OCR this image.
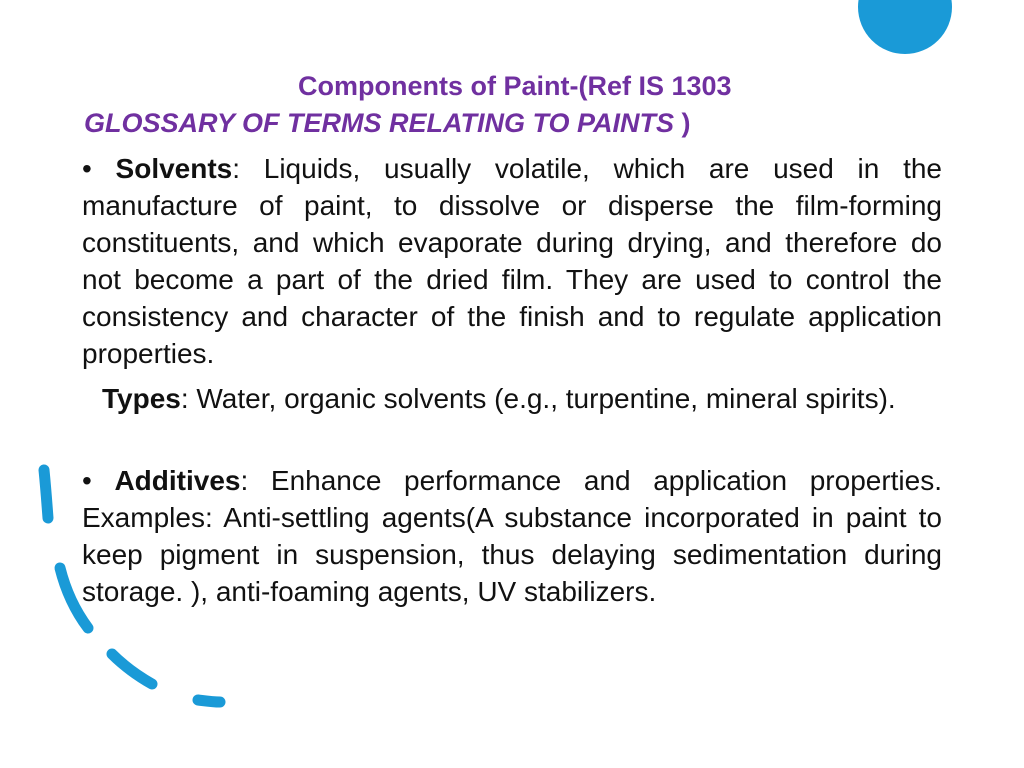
Components of Paint-(Ref IS 1303
GLOSSARY OF TERMS RELATING TO PAINTS )
• Solvents: Liquids, usually volatile, which are used in the manufacture of paint, to dissolve or disperse the film-forming constituents, and which evaporate during drying, and therefore do not become a part of the dried film. They are used to control the consistency and character of the finish and to regulate application properties.
Types: Water, organic solvents (e.g., turpentine, mineral spirits).
• Additives: Enhance performance and application properties. Examples: Anti-settling agents(A substance incorporated in paint to keep pigment in suspension, thus delaying sedimentation during storage. ), anti-foaming agents, UV stabilizers.
